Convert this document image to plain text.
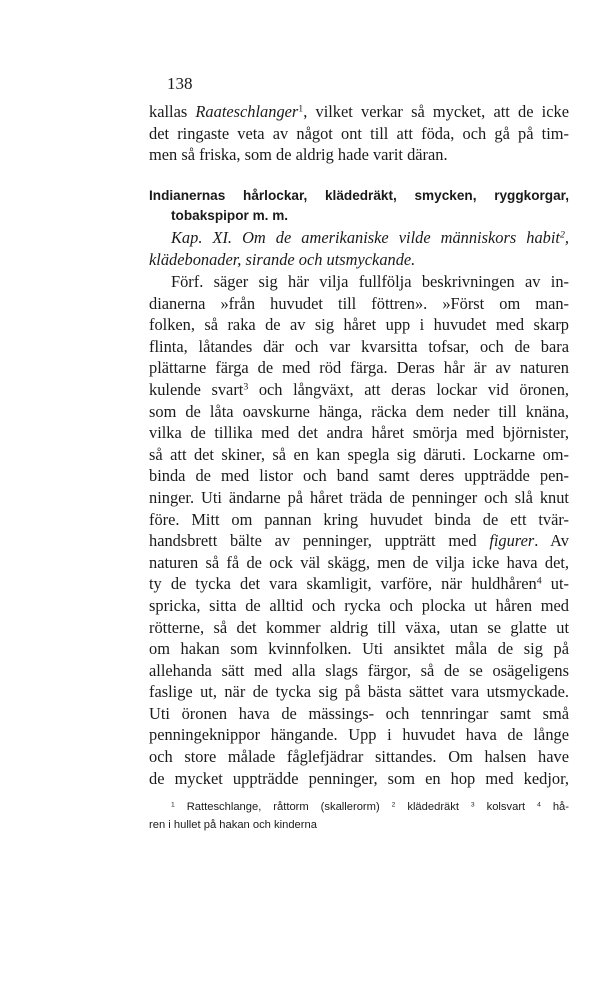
138
kallas Raateschlanger$^1$, vilket verkar så mycket, att de icke
det ringaste veta av något ont till att föda, och gå på tim-
men så friska, som de aldrig hade varit däran.
Indianernas hårlockar, klädedräkt, smycken, ryggkorgar,
tobakspipor m. m.
Kap. XI. Om de amerikaniske vilde människors habit$^2$,
klädebonader, sirande och utsmyckande.
Förf. säger sig här vilja fullfölja beskrivningen av in-
dianerna »från huvudet till föttren». »Först om man-
folken, så raka de av sig håret upp i huvudet med skarp
flinta, låtandes där och var kvarsitta tofsar, och de bara
plättarne färga de med röd färga. Deras hår är av naturen
kulende svart$^3$ och långväxt, att deras lockar vid öronen,
som de låta oavskurne hänga, räcka dem neder till knäna,
vilka de tillika med det andra håret smörja med björnister,
så att det skiner, så en kan spegla sig däruti. Lockarne om-
binda de med listor och band samt deres uppträdde pen-
ninger. Uti ändarne på håret träda de penninger och slå knut
före. Mitt om pannan kring huvudet binda de ett tvär-
handsbrett bälte av penninger, uppträtt med figurer. Av
naturen så få de ock väl skägg, men de vilja icke hava det,
ty de tycka det vara skamligit, varföre, när huldhåren$^4$ ut-
spricka, sitta de alltid och rycka och plocka ut håren med
rötterne, så det kommer aldrig till växa, utan se glatte ut
om hakan som kvinnfolken. Uti ansiktet måla de sig på
allehanda sätt med alla slags färgor, så de se osägeligens
faslige ut, när de tycka sig på bästa sättet vara utsmyckade.
Uti öronen hava de mässings- och tennringar samt små
penningeknippor hängande. Upp i huvudet hava de långe
och store målade fåglefjädrar sittandes. Om halsen have
de mycket uppträdde penninger, som en hop med kedjor,
$^1$ Ratteschlange, råttorm (skallerorm) $^2$ klädedräkt $^3$ kolsvart $^4$ hå-
ren i hullet på hakan och kinderna
